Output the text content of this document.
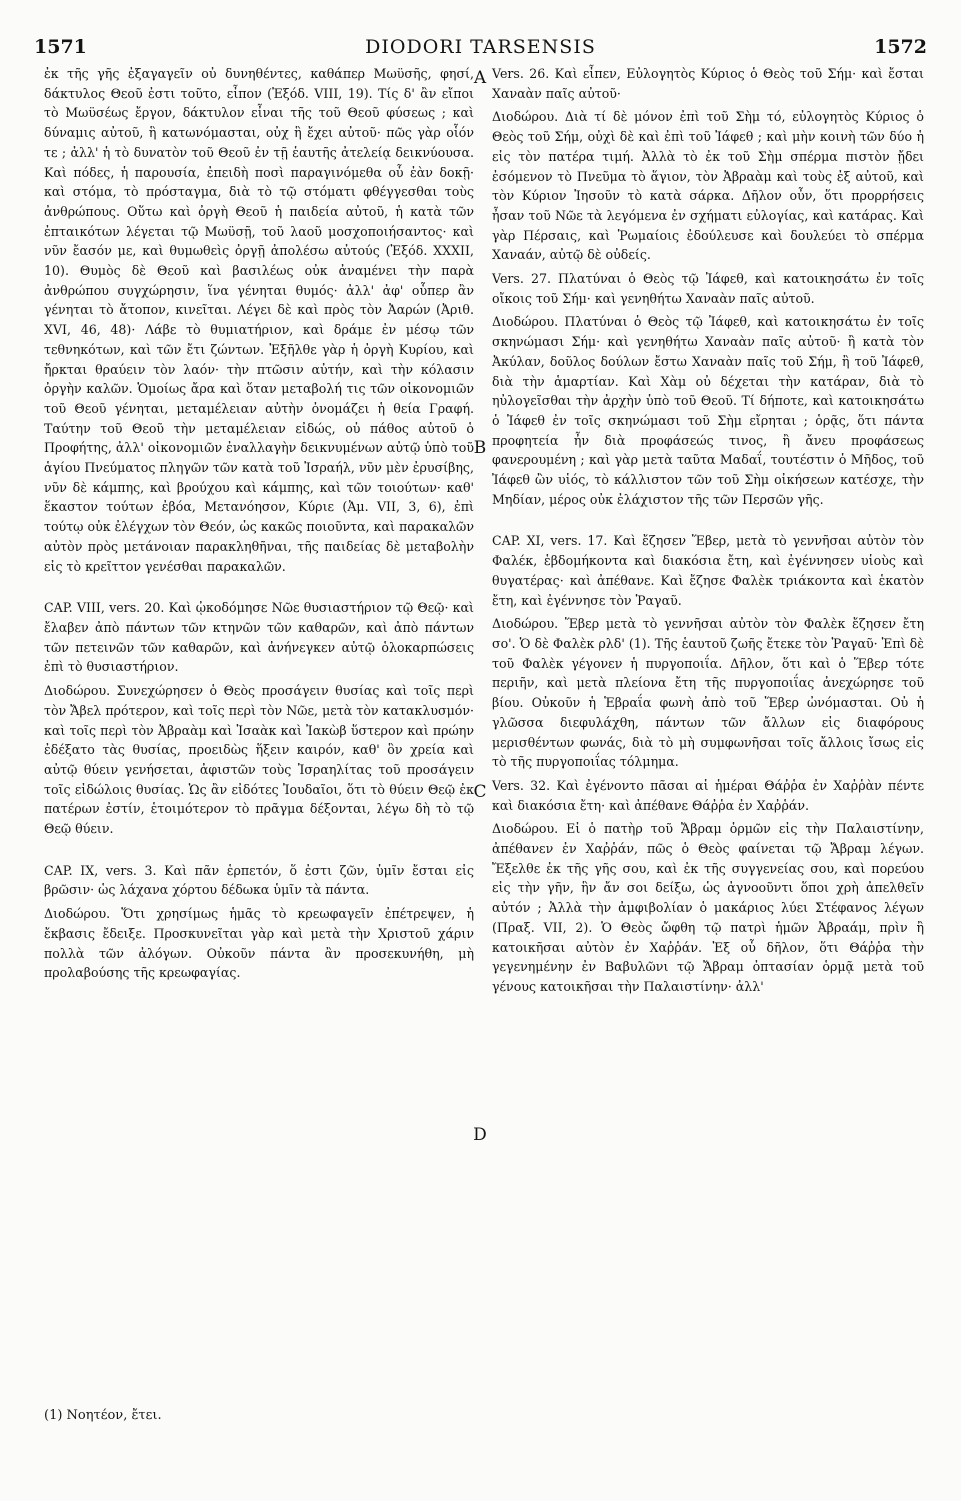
1571	DIODORI TARSENSIS	1572

ἐκ τῆς γῆς ἐξαγαγεῖν οὐ δυνηθέντες, καθάπερ Μωϋσῆς, φησί, δάκτυλος Θεοῦ ἐστι τοῦτο, εἶπον (Ἐξόδ. VIII, 19). Τίς δ' ἂν εἴποι τὸ Μωϋσέως ἔργον, δάκτυλον εἶναι τῆς τοῦ Θεοῦ φύσεως ; καὶ δύναμις αὐτοῦ, ἣ κατωνόμασται, οὐχ ἣ ἔχει αὐτοῦ· πῶς γὰρ οἷόν τε ; ἀλλ' ἡ τὸ δυνατὸν τοῦ Θεοῦ ἐν τῇ ἑαυτῆς ἀτελείᾳ δεικνύουσα. Καὶ πόδες, ἡ παρουσία, ἐπειδὴ ποσὶ παραγινόμεθα οὗ ἐὰν δοκῇ· καὶ στόμα, τὸ πρόσταγμα, διὰ τὸ τῷ στόματι φθέγγεσθαι τοὺς ἀνθρώπους. Οὕτω καὶ ὀργὴ Θεοῦ ἡ παιδεία αὐτοῦ, ἡ κατὰ τῶν ἐπταικότων λέγεται τῷ Μωϋσῇ, τοῦ λαοῦ μοσχοποιήσαντος· καὶ νῦν ἔασόν με, καὶ θυμωθεὶς ὀργῇ ἀπολέσω αὐτούς (Ἐξόδ. XXXII, 10). Θυμὸς δὲ Θεοῦ καὶ βασιλέως οὐκ ἀναμένει τὴν παρὰ ἀνθρώπου συγχώρησιν, ἵνα γένηται θυμός· ἀλλ' ἀφ' οὗπερ ἂν γένηται τὸ ἄτοπον, κινεῖται. Λέγει δὲ καὶ πρὸς τὸν Ἀαρών (Ἀριθ. XVI, 46, 48)· Λάβε τὸ θυμιατήριον, καὶ δράμε ἐν μέσῳ τῶν τεθνηκότων, καὶ τῶν ἔτι ζώντων. Ἐξῆλθε γὰρ ἡ ὀργὴ Κυρίου, καὶ ἤρκται θραύειν τὸν λαόν· τὴν πτῶσιν αὐτήν, καὶ τὴν κόλασιν ὀργὴν καλῶν. Ὁμοίως ἄρα καὶ ὅταν μεταβολή τις τῶν οἰκονομιῶν τοῦ Θεοῦ γένηται, μεταμέλειαν αὐτὴν ὀνομάζει ἡ θεία Γραφή. Ταύτην τοῦ Θεοῦ τὴν μεταμέλειαν εἰδώς, οὐ πάθος αὐτοῦ ὁ Προφήτης, ἀλλ' οἰκονομιῶν ἐναλλαγὴν δεικνυμένων αὐτῷ ὑπὸ τοῦ ἁγίου Πνεύματος πληγῶν τῶν κατὰ τοῦ Ἰσραήλ, νῦν μὲν ἐρυσίβης, νῦν δὲ κάμπης, καὶ βρούχου καὶ κάμπης, καὶ τῶν τοιούτων· καθ' ἕκαστον τούτων ἐβόα, Μετανόησον, Κύριε (Ἀμ. VII, 3, 6), ἐπὶ τούτῳ οὐκ ἐλέγχων τὸν Θεόν, ὡς κακῶς ποιοῦντα, καὶ παρακαλῶν αὐτὸν πρὸς μετάνοιαν παρακληθῆναι, τῆς παιδείας δὲ μεταβολὴν εἰς τὸ κρεῖττον γενέσθαι παρακαλῶν.

CAP. VIII, vers. 20. Καὶ ᾠκοδόμησε Νῶε θυσιαστήριον τῷ Θεῷ· καὶ ἔλαβεν ἀπὸ πάντων τῶν κτηνῶν τῶν καθαρῶν, καὶ ἀπὸ πάντων τῶν πετεινῶν τῶν καθαρῶν, καὶ ἀνήνεγκεν αὐτῷ ὁλοκαρπώσεις ἐπὶ τὸ θυσιαστήριον.

Διοδώρου. Συνεχώρησεν ὁ Θεὸς προσάγειν θυσίας καὶ τοῖς περὶ τὸν Ἄβελ πρότερον, καὶ τοῖς περὶ τὸν Νῶε, μετὰ τὸν κατακλυσμόν· καὶ τοῖς περὶ τὸν Ἀβραὰμ καὶ Ἰσαὰκ καὶ Ἰακὼβ ὕστερον καὶ πρώην ἐδέξατο τὰς θυσίας, προειδὼς ἥξειν καιρόν, καθ' ὃν χρεία καὶ αὐτῷ θύειν γενήσεται, ἀφιστῶν τοὺς Ἰσραηλίτας τοῦ προσάγειν τοῖς εἰδώλοις θυσίας. Ὡς ἂν εἰδότες Ἰουδαῖοι, ὅτι τὸ θύειν Θεῷ ἐκ πατέρων ἐστίν, ἑτοιμότερον τὸ πρᾶγμα δέξονται, λέγω δὴ τὸ τῷ Θεῷ θύειν.

CAP. IX, vers. 3. Καὶ πᾶν ἑρπετόν, ὅ ἐστι ζῶν, ὑμῖν ἔσται εἰς βρῶσιν· ὡς λάχανα χόρτου δέδωκα ὑμῖν τὰ πάντα.

Διοδώρου. Ὅτι χρησίμως ἡμᾶς τὸ κρεωφαγεῖν ἐπέτρεψεν, ἡ ἔκβασις ἔδειξε. Προσκυνεῖται γὰρ καὶ μετὰ τὴν Χριστοῦ χάριν πολλὰ τῶν ἀλόγων. Οὐκοῦν πάντα ἂν προσεκυνήθη, μὴ προλαβούσης τῆς κρεωφαγίας.

A
B
C
D

Vers. 26. Καὶ εἶπεν, Εὐλογητὸς Κύριος ὁ Θεὸς τοῦ Σήμ· καὶ ἔσται Χαναὰν παῖς αὐτοῦ·

Διοδώρου. Διὰ τί δὲ μόνον ἐπὶ τοῦ Σὴμ τό, εὐλογητὸς Κύριος ὁ Θεὸς τοῦ Σήμ, οὐχὶ δὲ καὶ ἐπὶ τοῦ Ἰάφεθ ; καὶ μὴν κοινὴ τῶν δύο ἡ εἰς τὸν πατέρα τιμή. Ἀλλὰ τὸ ἐκ τοῦ Σὴμ σπέρμα πιστὸν ᾔδει ἐσόμενον τὸ Πνεῦμα τὸ ἅγιον, τὸν Ἀβραὰμ καὶ τοὺς ἐξ αὐτοῦ, καὶ τὸν Κύριον Ἰησοῦν τὸ κατὰ σάρκα. Δῆλον οὖν, ὅτι προρρήσεις ἦσαν τοῦ Νῶε τὰ λεγόμενα ἐν σχήματι εὐλογίας, καὶ κατάρας. Καὶ γὰρ Πέρσαις, καὶ Ῥωμαίοις ἐδούλευσε καὶ δουλεύει τὸ σπέρμα Χαναάν, αὐτῷ δὲ οὐδείς.

Vers. 27. Πλατύναι ὁ Θεὸς τῷ Ἰάφεθ, καὶ κατοικησάτω ἐν τοῖς οἴκοις τοῦ Σήμ· καὶ γενηθήτω Χαναὰν παῖς αὐτοῦ.

Διοδώρου. Πλατύναι ὁ Θεὸς τῷ Ἰάφεθ, καὶ κατοικησάτω ἐν τοῖς σκηνώμασι Σήμ· καὶ γενηθήτω Χαναὰν παῖς αὐτοῦ· ἢ κατὰ τὸν Ἀκύλαν, δοῦλος δούλων ἔστω Χαναὰν παῖς τοῦ Σήμ, ἢ τοῦ Ἰάφεθ, διὰ τὴν ἁμαρτίαν. Καὶ Χὰμ οὐ δέχεται τὴν κατάραν, διὰ τὸ ηὐλογεῖσθαι τὴν ἀρχὴν ὑπὸ τοῦ Θεοῦ. Τί δήποτε, καὶ κατοικησάτω ὁ Ἰάφεθ ἐν τοῖς σκηνώμασι τοῦ Σὴμ εἴρηται ; ὁρᾷς, ὅτι πάντα προφητεία ἦν διὰ προφάσεώς τινος, ἢ ἄνευ προφάσεως φανερουμένη ; καὶ γὰρ μετὰ ταῦτα Μαδαΐ, τουτέστιν ὁ Μῆδος, τοῦ Ἰάφεθ ὢν υἱός, τὸ κάλλιστον τῶν τοῦ Σὴμ οἰκήσεων κατέσχε, τὴν Μηδίαν, μέρος οὐκ ἐλάχιστον τῆς τῶν Περσῶν γῆς.

CAP. XI, vers. 17. Καὶ ἔζησεν Ἕβερ, μετὰ τὸ γεννῆσαι αὐτὸν τὸν Φαλέκ, ἑβδομήκοντα καὶ διακόσια ἔτη, καὶ ἐγέννησεν υἱοὺς καὶ θυγατέρας· καὶ ἀπέθανε. Καὶ ἔζησε Φαλὲκ τριάκοντα καὶ ἑκατὸν ἔτη, καὶ ἐγέννησε τὸν Ῥαγαῦ.

Διοδώρου. Ἕβερ μετὰ τὸ γεννῆσαι αὐτὸν τὸν Φαλὲκ ἔζησεν ἔτη σο'. Ὁ δὲ Φαλὲκ ρλδ' (1). Τῆς ἑαυτοῦ ζωῆς ἔτεκε τὸν Ῥαγαῦ· Ἐπὶ δὲ τοῦ Φαλὲκ γέγονεν ἡ πυργοποιΐα. Δῆλον, ὅτι καὶ ὁ Ἕβερ τότε περιῆν, καὶ μετὰ πλείονα ἔτη τῆς πυργοποιΐας ἀνεχώρησε τοῦ βίου. Οὐκοῦν ἡ Ἑβραΐα φωνὴ ἀπὸ τοῦ Ἕβερ ὠνόμασται. Οὐ ἡ γλῶσσα διεφυλάχθη, πάντων τῶν ἄλλων εἰς διαφόρους μερισθέντων φωνάς, διὰ τὸ μὴ συμφωνῆσαι τοῖς ἄλλοις ἴσως εἰς τὸ τῆς πυργοποιΐας τόλμημα.

Vers. 32. Καὶ ἐγένοντο πᾶσαι αἱ ἡμέραι Θάῤῥα ἐν Χαῤῥὰν πέντε καὶ διακόσια ἔτη· καὶ ἀπέθανε Θάῤῥα ἐν Χαῤῥάν.

Διοδώρου. Εἰ ὁ πατὴρ τοῦ Ἄβραμ ὁρμῶν εἰς τὴν Παλαιστίνην, ἀπέθανεν ἐν Χαῤῥάν, πῶς ὁ Θεὸς φαίνεται τῷ Ἄβραμ λέγων. Ἔξελθε ἐκ τῆς γῆς σου, καὶ ἐκ τῆς συγγενείας σου, καὶ πορεύου εἰς τὴν γῆν, ἣν ἄν σοι δείξω, ὡς ἀγνοοῦντι ὅποι χρὴ ἀπελθεῖν αὐτόν ; Ἀλλὰ τὴν ἀμφιβολίαν ὁ μακάριος λύει Στέφανος λέγων (Πραξ. VII, 2). Ὁ Θεὸς ὤφθη τῷ πατρὶ ἡμῶν Ἀβραάμ, πρὶν ἢ κατοικῆσαι αὐτὸν ἐν Χαῤῥάν. Ἐξ οὗ δῆλον, ὅτι Θάῤῥα τὴν γεγενημένην ἐν Βαβυλῶνι τῷ Ἄβραμ ὀπτασίαν ὁρμᾷ μετὰ τοῦ γένους κατοικῆσαι τὴν Παλαιστίνην· ἀλλ'

(1) Νοητέον, ἔτει.
